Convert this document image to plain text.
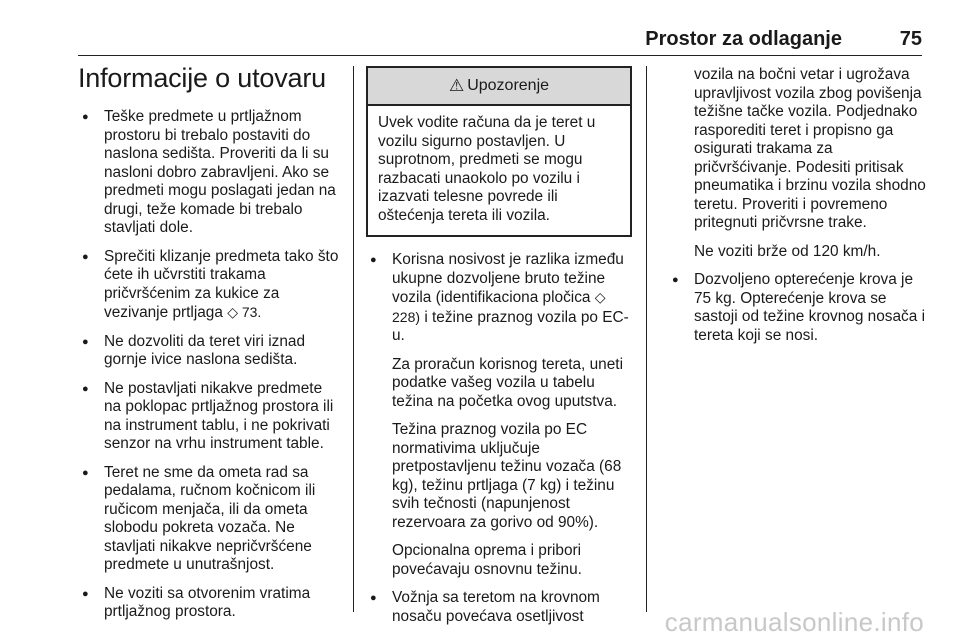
Prostor za odlaganje	75
Informacije o utovaru
● Teške predmete u prtljažnom prostoru bi trebalo postaviti do naslona sedišta. Proveriti da li su nasloni dobro zabravljeni. Ako se predmeti mogu poslagati jedan na drugi, teže komade bi trebalo stavljati dole.
● Sprečiti klizanje predmeta tako što ćete ih učvrstiti trakama pričvršćenim za kukice za vezivanje prtljaga ◇ 73.
● Ne dozvoliti da teret viri iznad gornje ivice naslona sedišta.
● Ne postavljati nikakve predmete na poklopac prtljažnog prostora ili na instrument tablu, i ne pokrivati senzor na vrhu instrument table.
● Teret ne sme da ometa rad sa pedalama, ručnom kočnicom ili ručicom menjača, ili da ometa slobodu pokreta vozača. Ne stavljati nikakve nepričvršćene predmete u unutrašnjost.
● Ne voziti sa otvorenim vratima prtljažnog prostora.
⚠ Upozorenje
Uvek vodite računa da je teret u vozilu sigurno postavljen. U suprotnom, predmeti se mogu razbacati unaokolo po vozilu i izazvati telesne povrede ili oštećenja tereta ili vozila.
● Korisna nosivost je razlika između ukupne dozvoljene bruto težine vozila (identifikaciona pločica ◇ 228) i težine praznog vozila po EC-u.

Za proračun korisnog tereta, uneti podatke vašeg vozila u tabelu težina na početka ovog uputstva.

Težina praznog vozila po EC normativima uključuje pretpostavljenu težinu vozača (68 kg), težinu prtljaga (7 kg) i težinu svih tečnosti (napunjenost rezervoara za gorivo od 90%).

Opcionalna oprema i pribori povećavaju osnovnu težinu.

● Vožnja sa teretom na krovnom nosaču povećava osetljivost

vozila na bočni vetar i ugrožava upravljivost vozila zbog povišenja težišne tačke vozila. Podjednako rasporediti teret i propisno ga osigurati trakama za pričvršćivanje. Podesiti pritisak pneumatika i brzinu vozila shodno teretu. Proveriti i povremeno pritegnuti pričvrsne trake.

Ne voziti brže od 120 km/h.

● Dozvoljeno opterećenje krova je 75 kg. Opterećenje krova se sastoji od težine krovnog nosača i tereta koji se nosi.
carmanualsonline.info
